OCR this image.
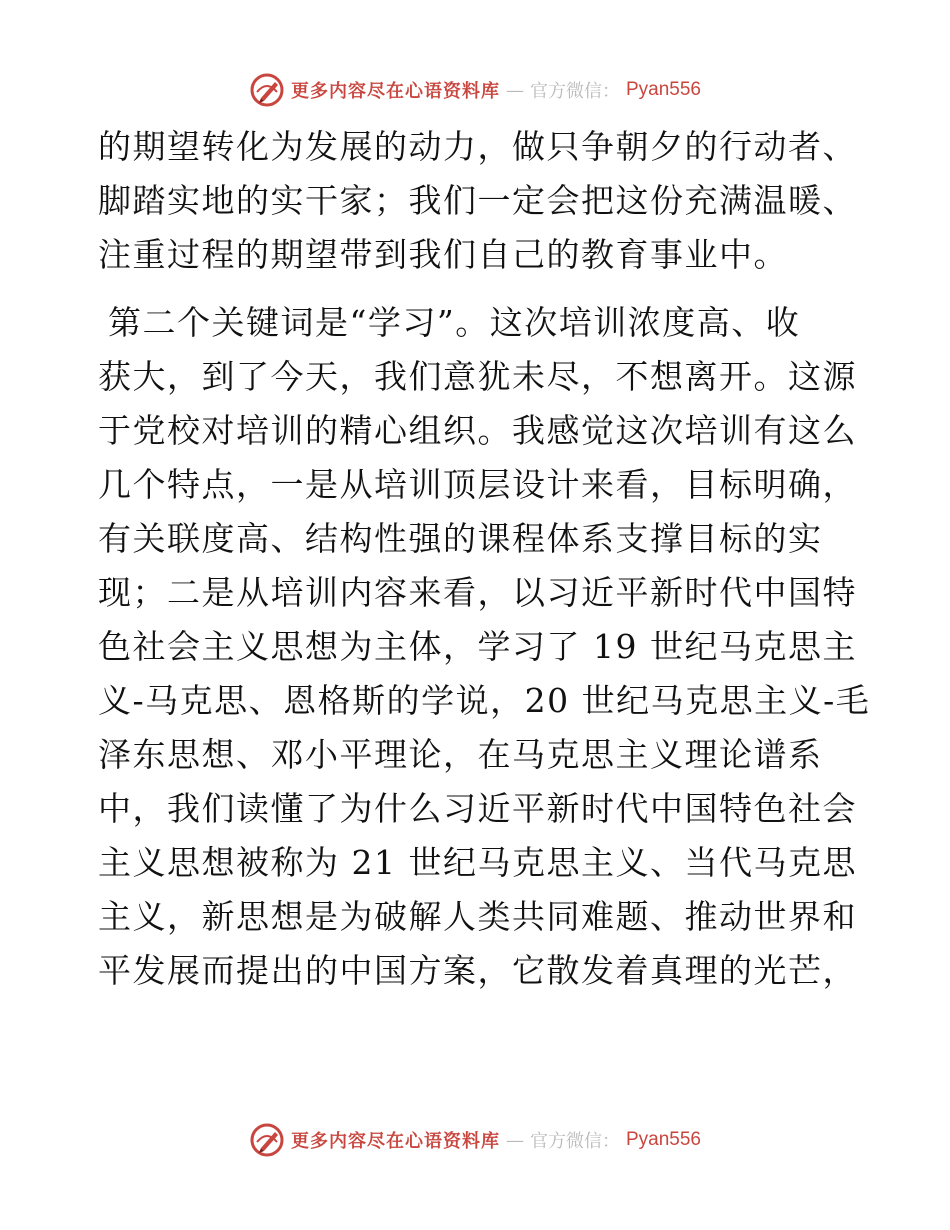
更多内容尽在心语资料库 — 官方微信： Pyan556
的期望转化为发展的动力，做只争朝夕的行动者、
脚踏实地的实干家；我们一定会把这份充满温暖、
注重过程的期望带到我们自己的教育事业中。
第二个关键词是“学习”。这次培训浓度高、收
获大，到了今天，我们意犹未尽，不想离开。这源
于党校对培训的精心组织。我感觉这次培训有这么
几个特点，一是从培训顶层设计来看，目标明确，
有关联度高、结构性强的课程体系支撑目标的实
现；二是从培训内容来看，以习近平新时代中国特
色社会主义思想为主体，学习了 19 世纪马克思主
义-马克思、恩格斯的学说，20 世纪马克思主义-毛
泽东思想、邓小平理论，在马克思主义理论谱系
中，我们读懂了为什么习近平新时代中国特色社会
主义思想被称为 21 世纪马克思主义、当代马克思
主义，新思想是为破解人类共同难题、推动世界和
平发展而提出的中国方案，它散发着真理的光芒，
更多内容尽在心语资料库 — 官方微信： Pyan556
